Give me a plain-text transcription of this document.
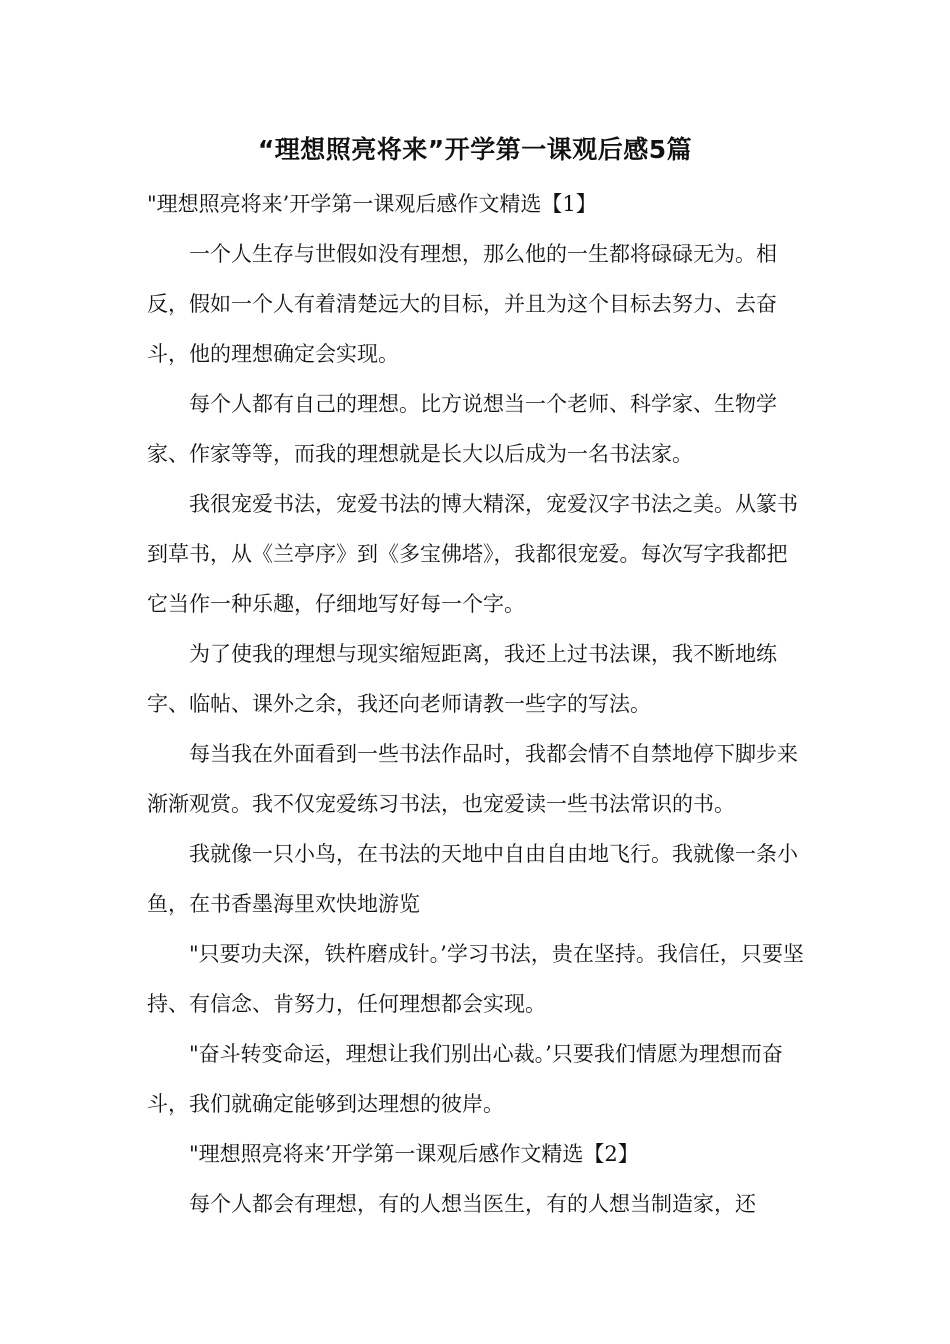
“理想照亮将来”开学第一课观后感5篇

"理想照亮将来’开学第一课观后感作文精选【1】

一个人生存与世假如没有理想，那么他的一生都将碌碌无为。相反，假如一个人有着清楚远大的目标，并且为这个目标去努力、去奋斗，他的理想确定会实现。

每个人都有自己的理想。比方说想当一个老师、科学家、生物学家、作家等等，而我的理想就是长大以后成为一名书法家。

我很宠爱书法，宠爱书法的博大精深，宠爱汉字书法之美。从篆书到草书，从《兰亭序》到《多宝佛塔》，我都很宠爱。每次写字我都把它当作一种乐趣，仔细地写好每一个字。

为了使我的理想与现实缩短距离，我还上过书法课，我不断地练字、临帖、课外之余，我还向老师请教一些字的写法。

每当我在外面看到一些书法作品时，我都会情不自禁地停下脚步来渐渐观赏。我不仅宠爱练习书法，也宠爱读一些书法常识的书。

我就像一只小鸟，在书法的天地中自由自由地飞行。我就像一条小鱼，在书香墨海里欢快地游览

"只要功夫深，铁杵磨成针。’学习书法，贵在坚持。我信任，只要坚持、有信念、肯努力，任何理想都会实现。

"奋斗转变命运，理想让我们别出心裁。’只要我们情愿为理想而奋斗，我们就确定能够到达理想的彼岸。

"理想照亮将来’开学第一课观后感作文精选【2】

每个人都会有理想，有的人想当医生，有的人想当制造家，还
